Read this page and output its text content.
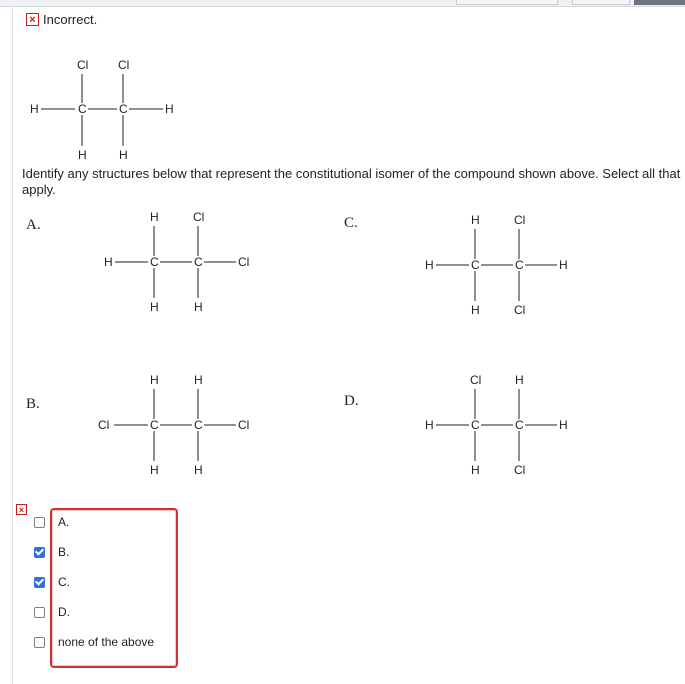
× Incorrect.
Cl Cl
H	C	C	H
H	H
H	Cl
H	C	C	Cl
H	H
H	H
Cl	C	C	Cl
H	H
H	Cl
H	C	C	H
H	Cl
Cl	H
H	C	C	H
H	Cl
Identify any structures below that represent the constitutional isomer of the compound shown above. Select all that apply.
A.
B.
C.
D.
×
A.
B.
C.
D.
none of the above
